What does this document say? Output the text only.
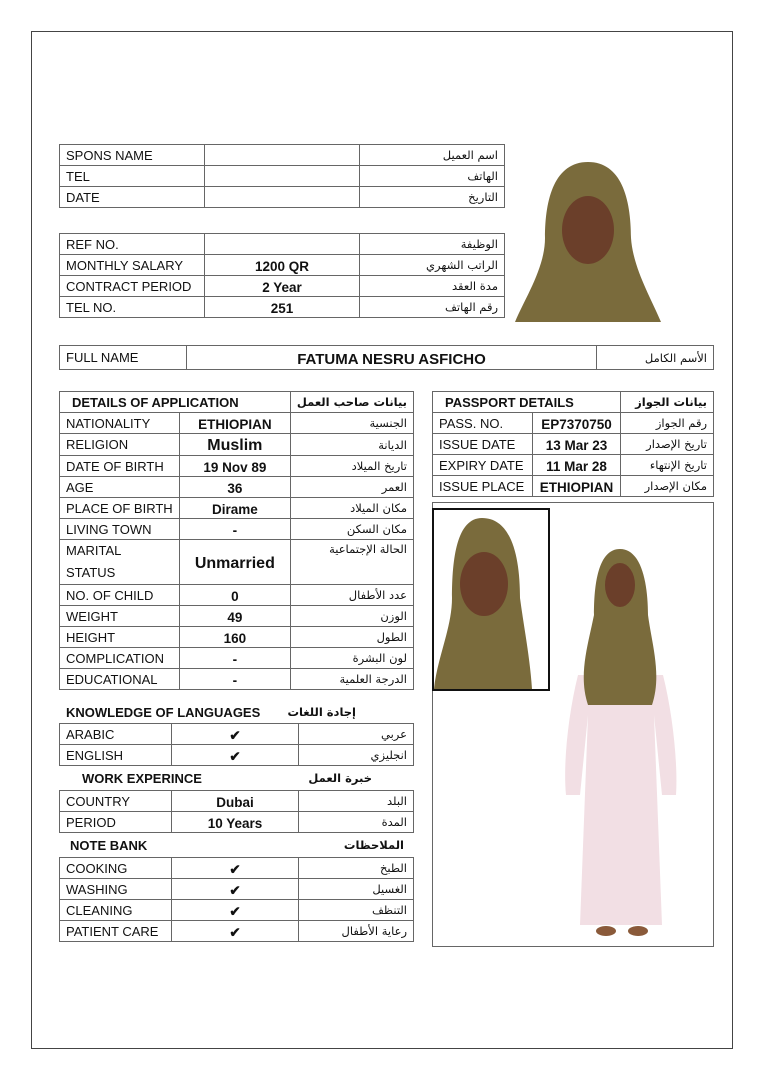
SPONS NAME		اسم العميل
TEL		الهاتف
DATE		التاريخ
REF NO.		الوظيفة
MONTHLY SALARY	1200 QR	الراتب الشهري
CONTRACT PERIOD	2 Year	مدة العقد
TEL NO.	251	رقم الهاتف
FULL NAME	FATUMA NESRU ASFICHO	الأسم الكامل
DETAILS OF APPLICATION		بيانات صاحب العمل
NATIONALITY	ETHIOPIAN	الجنسية
RELIGION	Muslim	الديانة
DATE OF BIRTH	19 Nov 89	تاريخ الميلاد
AGE	36	العمر
PLACE OF BIRTH	Dirame	مكان الميلاد
LIVING TOWN	-	مكان السكن
MARITAL STATUS	Unmarried	الحالة الإجتماعية
NO. OF CHILD	0	عدد الأطفال
WEIGHT	49	الوزن
HEIGHT	160	الطول
COMPLICATION	-	لون البشرة
EDUCATIONAL	-	الدرجة العلمية
KNOWLEDGE OF LANGUAGES إجادة اللغات
ARABIC	✔	عربي
ENGLISH	✔	انجليزي
WORK EXPERINCE	خبرة العمل
COUNTRY	Dubai	البلد
PERIOD	10 Years	المدة
NOTE BANK	الملاحظات
COOKING	✔	الطبخ
WASHING	✔	الغسيل
CLEANING	✔	التنظف
PATIENT CARE	✔	رعاية الأطفال
PASSPORT DETAILS		بيانات الجواز
PASS. NO.	EP7370750	رقم الجواز
ISSUE DATE	13 Mar 23	تاريخ الإصدار
EXPIRY DATE	11 Mar 28	تاريخ الإنتهاء
ISSUE PLACE	ETHIOPIAN	مكان الإصدار
